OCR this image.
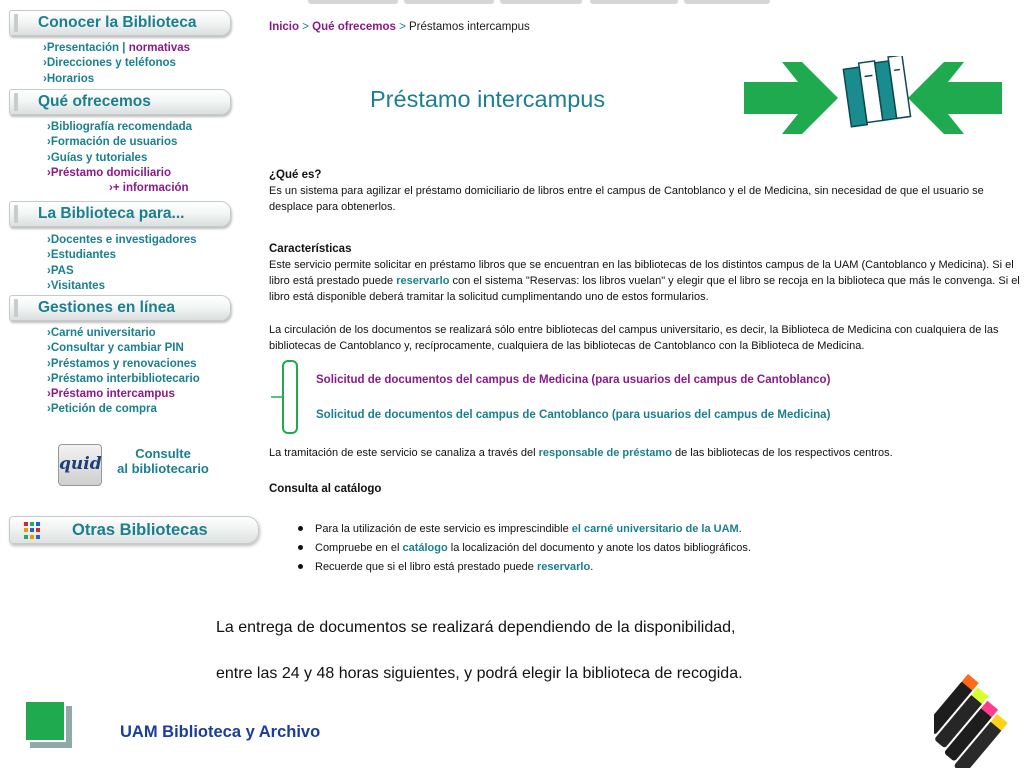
Conocer la Biblioteca
›Presentación | normativas
›Direcciones y teléfonos
›Horarios
Qué ofrecemos
›Bibliografía recomendada
›Formación de usuarios
›Guías y tutoriales
›Préstamo domiciliario
›+ información
La Biblioteca para...
›Docentes e investigadores
›Estudiantes
›PAS
›Visitantes
Gestiones en línea
›Carné universitario
›Consultar y cambiar PIN
›Préstamos y renovaciones
›Préstamo interbibliotecario
›Préstamo intercampus
›Petición de compra
quid
Consulte
al bibliotecario
Otras Bibliotecas
Inicio > Qué ofrecemos > Préstamos intercampus
Préstamo intercampus
¿Qué es?
Es un sistema para agilizar el préstamo domiciliario de libros entre el campus de Cantoblanco y el de Medicina, sin necesidad de que el usuario se desplace para obtenerlos.
Características
Este servicio permite solicitar en préstamo libros que se encuentran en las bibliotecas de los distintos campus de la UAM (Cantoblanco y Medicina). Si el libro está prestado puede reservarlo con el sistema "Reservas: los libros vuelan" y elegir que el libro se recoja en la biblioteca que más le convenga. Si el libro está disponible deberá tramitar la solicitud cumplimentando uno de estos formularios.
La circulación de los documentos se realizará sólo entre bibliotecas del campus universitario, es decir, la Biblioteca de Medicina con cualquiera de las bibliotecas de Cantoblanco y, recíprocamente, cualquiera de las bibliotecas de Cantoblanco con la Biblioteca de Medicina.
Solicitud de documentos del campus de Medicina (para usuarios del campus de Cantoblanco)
Solicitud de documentos del campus de Cantoblanco (para usuarios del campus de Medicina)
La tramitación de este servicio se canaliza a través del responsable de préstamo de las bibliotecas de los respectivos centros.
Consulta al catálogo
Para la utilización de este servicio es imprescindible el carné universitario de la UAM.
Compruebe en el catálogo la localización del documento y anote los datos bibliográficos.
Recuerde que si el libro está prestado puede reservarlo.
La entrega de documentos se realizará dependiendo de la disponibilidad,
entre las 24 y 48 horas siguientes, y podrá elegir la biblioteca de recogida.
UAM Biblioteca y Archivo
